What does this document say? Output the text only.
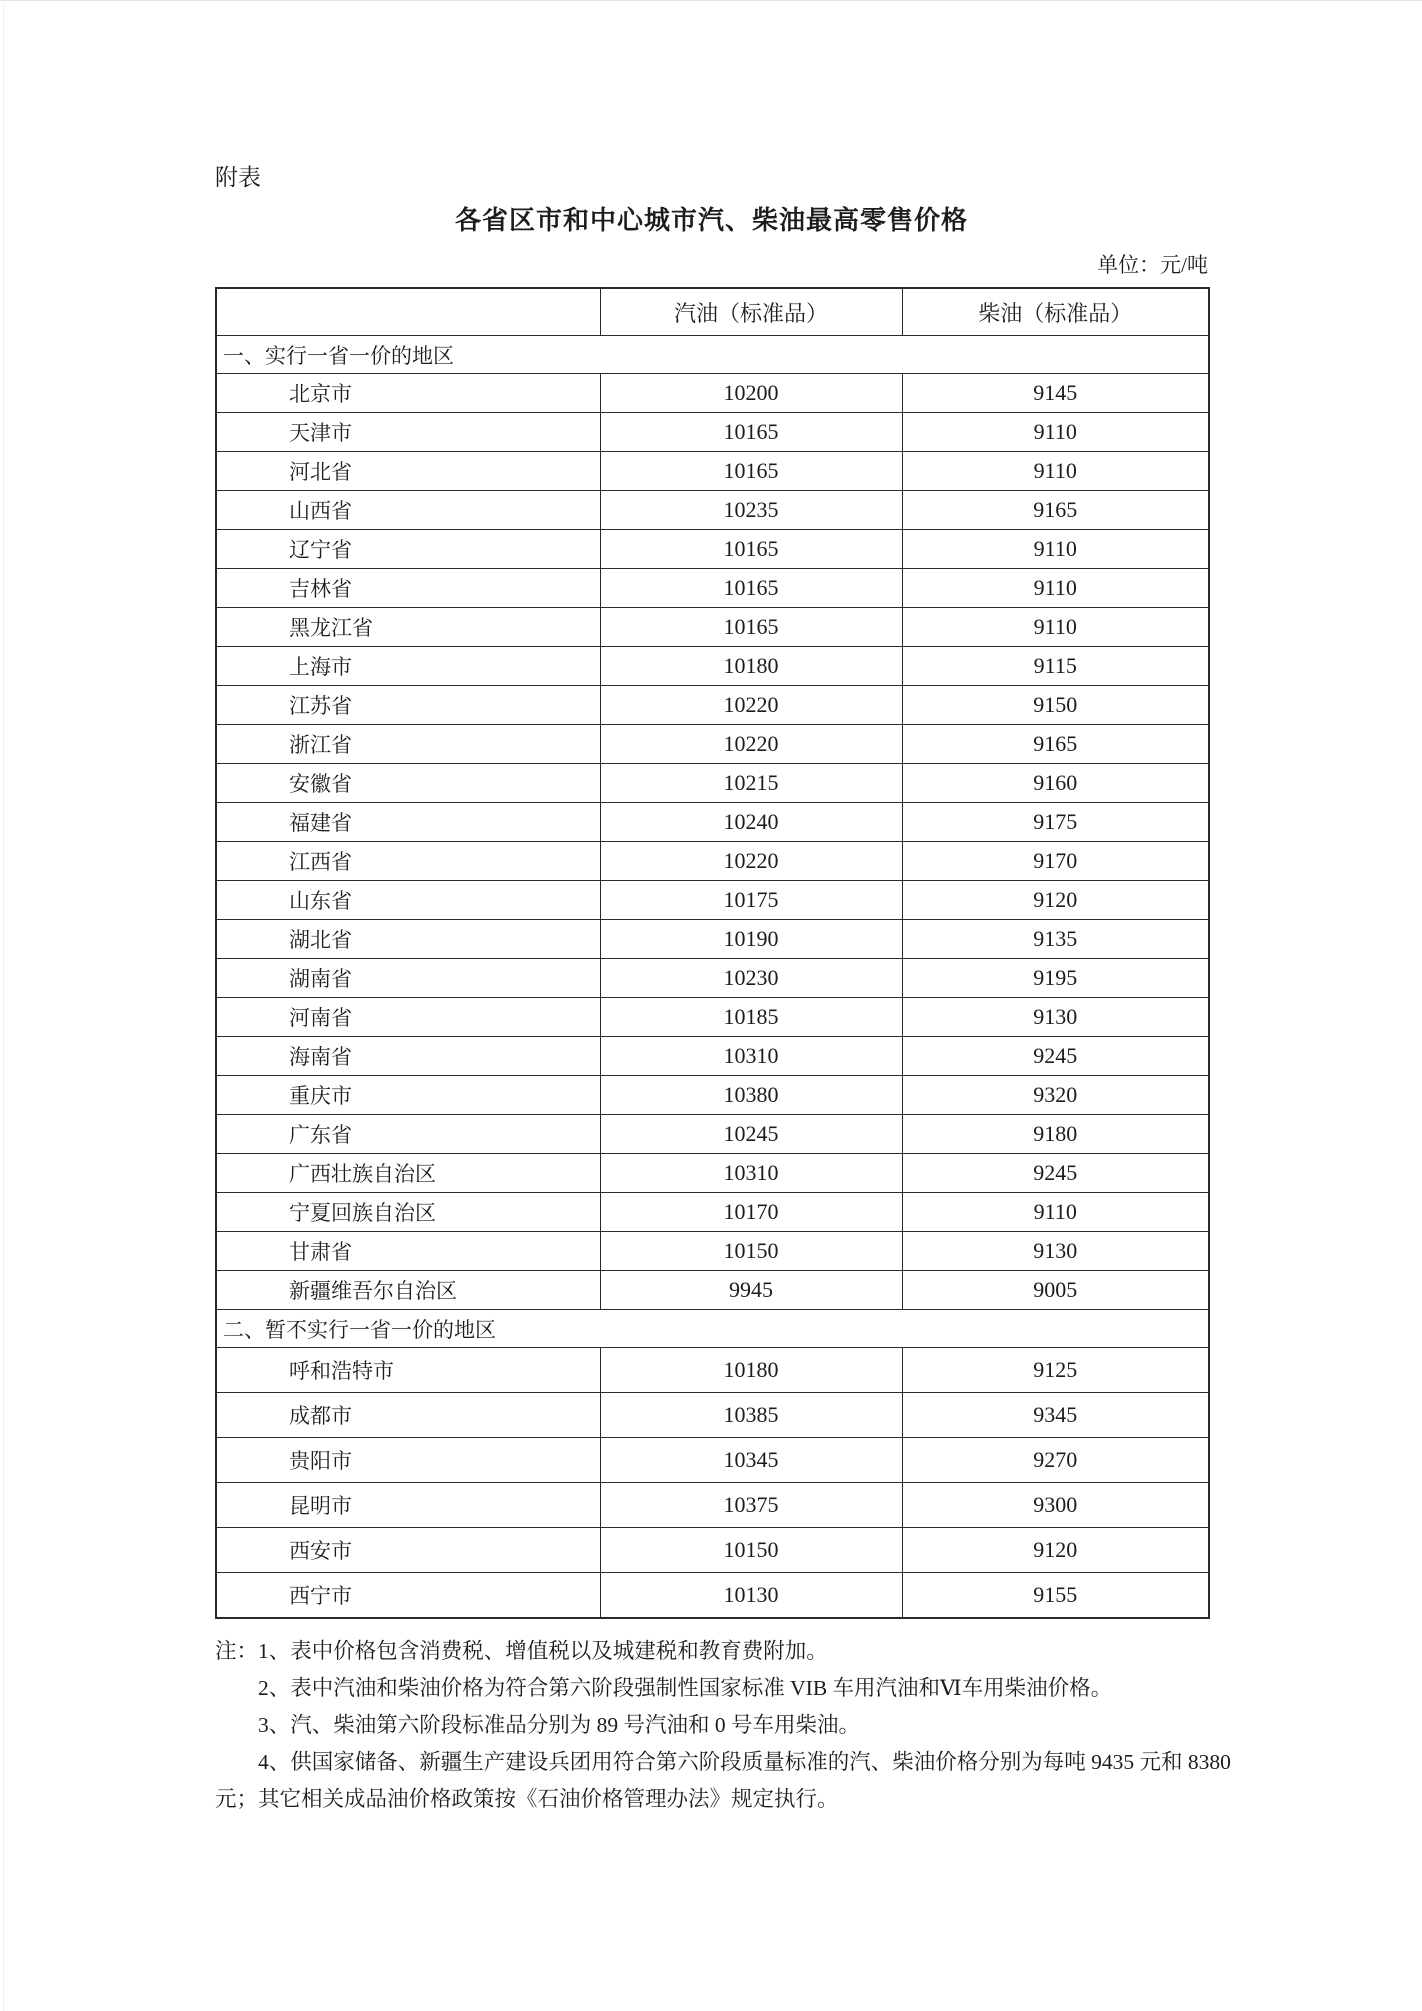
附表
各省区市和中心城市汽、柴油最高零售价格
单位：元/吨
	汽油（标准品）	柴油（标准品）
一、实行一省一价的地区		
北京市	10200	9145
天津市	10165	9110
河北省	10165	9110
山西省	10235	9165
辽宁省	10165	9110
吉林省	10165	9110
黑龙江省	10165	9110
上海市	10180	9115
江苏省	10220	9150
浙江省	10220	9165
安徽省	10215	9160
福建省	10240	9175
江西省	10220	9170
山东省	10175	9120
湖北省	10190	9135
湖南省	10230	9195
河南省	10185	9130
海南省	10310	9245
重庆市	10380	9320
广东省	10245	9180
广西壮族自治区	10310	9245
宁夏回族自治区	10170	9110
甘肃省	10150	9130
新疆维吾尔自治区	9945	9005
二、暂不实行一省一价的地区		
呼和浩特市	10180	9125
成都市	10385	9345
贵阳市	10345	9270
昆明市	10375	9300
西安市	10150	9120
西宁市	10130	9155

注：1、表中价格包含消费税、增值税以及城建税和教育费附加。

2、表中汽油和柴油价格为符合第六阶段强制性国家标准 VIB 车用汽油和Ⅵ车用柴油价格。

3、汽、柴油第六阶段标准品分别为 89 号汽油和 0 号车用柴油。

4、供国家储备、新疆生产建设兵团用符合第六阶段质量标准的汽、柴油价格分别为每吨 9435 元和 8380 元；其它相关成品油价格政策按《石油价格管理办法》规定执行。
